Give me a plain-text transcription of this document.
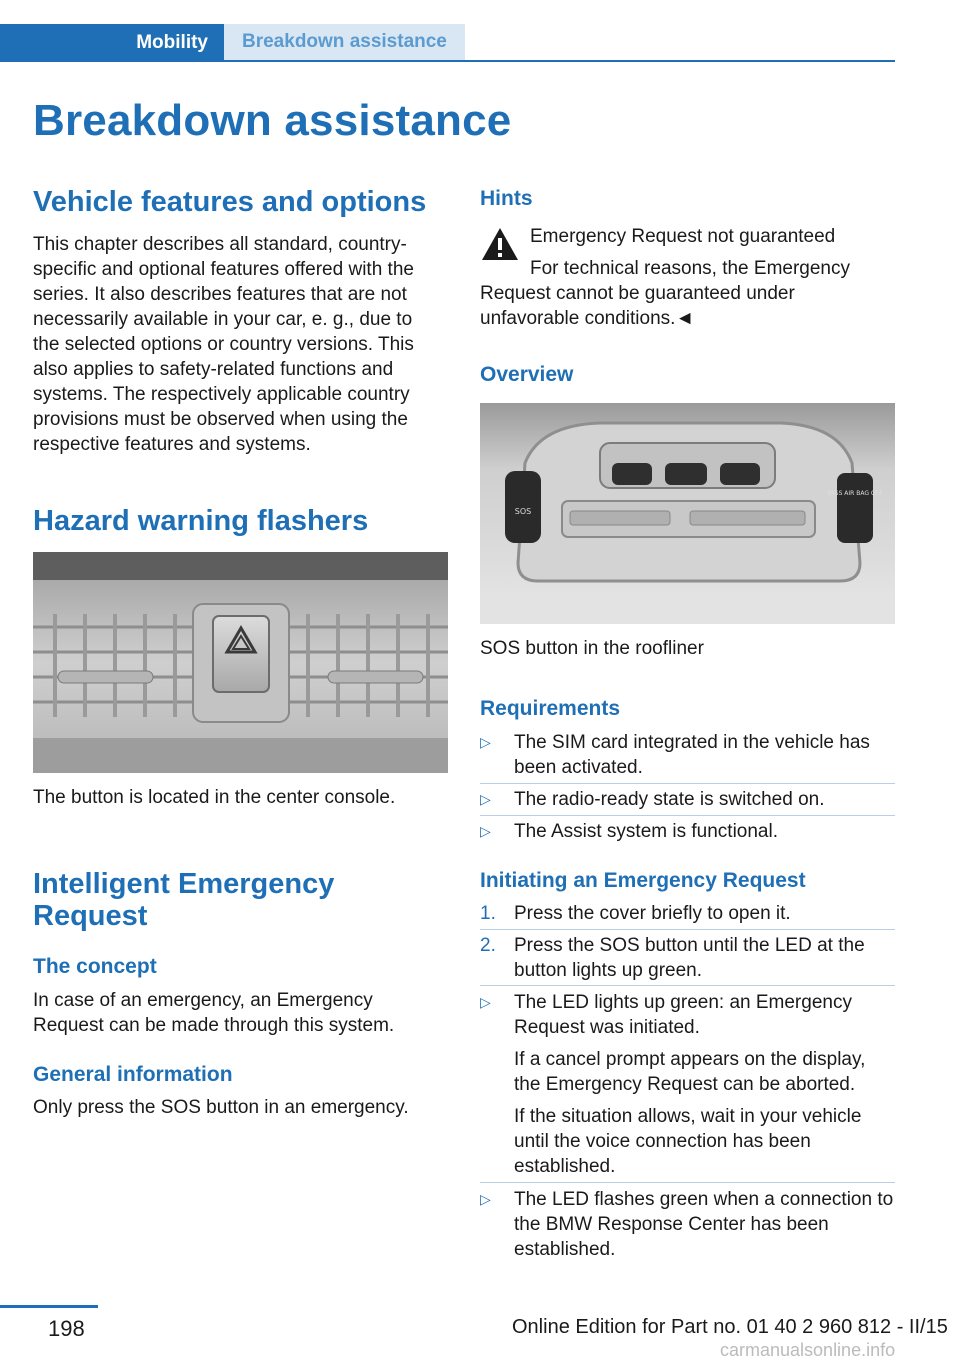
Mobility	Breakdown assistance
Breakdown assistance
Vehicle features and options
This chapter describes all standard, country-specific and optional features offered with the series. It also describes features that are not necessarily available in your car, e. g., due to the selected options or country versions. This also applies to safety-related functions and systems. The respectively applicable country provisions must be observed when using the respective features and systems.
Hazard warning flashers
The button is located in the center console.
Intelligent Emergency Request
The concept
In case of an emergency, an Emergency Request can be made through this system.
General information
Only press the SOS button in an emergency.
Hints
Emergency Request not guaranteed
For technical reasons, the Emergency Request cannot be guaranteed under unfavorable conditions.◄
Overview
SOS
PASS AIR BAG OFF
SOS button in the roofliner
Requirements
▷ The SIM card integrated in the vehicle has been activated.
▷ The radio-ready state is switched on.
▷ The Assist system is functional.
Initiating an Emergency Request
1. Press the cover briefly to open it.
2. Press the SOS button until the LED at the button lights up green.
▷ The LED lights up green: an Emergency Request was initiated.
If a cancel prompt appears on the display, the Emergency Request can be aborted.
If the situation allows, wait in your vehicle until the voice connection has been established.
▷ The LED flashes green when a connection to the BMW Response Center has been established.
198	Online Edition for Part no. 01 40 2 960 812 - II/15
carmanualsonline.info
